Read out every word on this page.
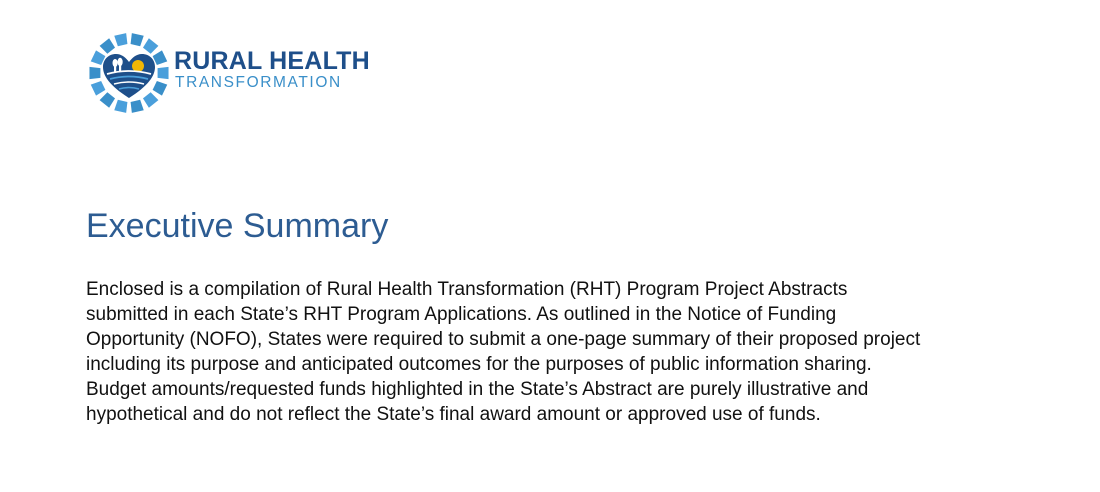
RURAL HEALTH
TRANSFORMATION
Executive Summary
Enclosed is a compilation of Rural Health Transformation (RHT) Program Project Abstracts
submitted in each State’s RHT Program Applications. As outlined in the Notice of Funding
Opportunity (NOFO), States were required to submit a one-page summary of their proposed project
including its purpose and anticipated outcomes for the purposes of public information sharing.
Budget amounts/requested funds highlighted in the State’s Abstract are purely illustrative and
hypothetical and do not reflect the State’s final award amount or approved use of funds.
